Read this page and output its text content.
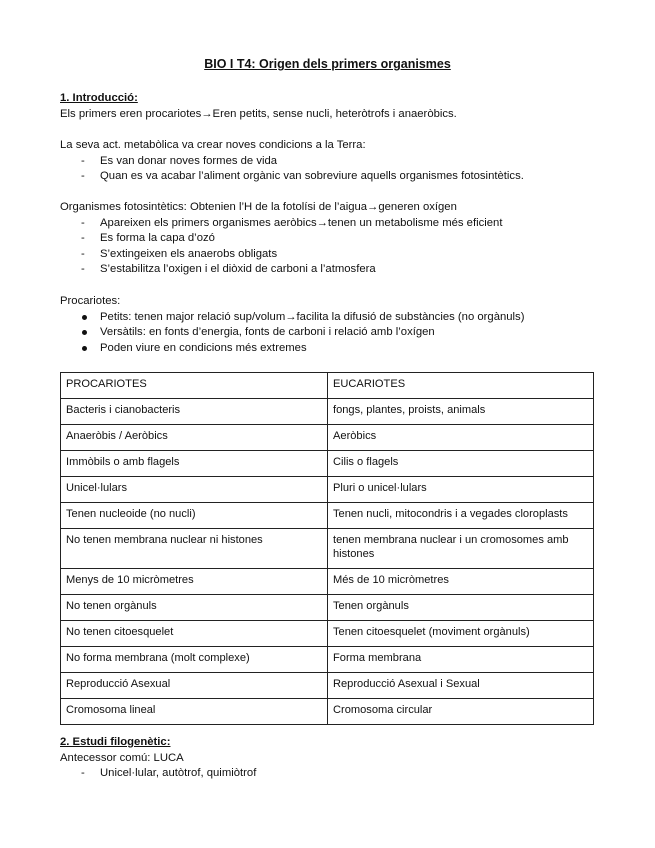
BIO I T4: Origen dels primers organismes
1. Introducció:
Els primers eren procariotes→Eren petits, sense nucli, heteròtrofs i anaeròbics.
La seva act. metabòlica va crear noves condicions a la Terra:
- Es van donar noves formes de vida
- Quan es va acabar l’aliment orgànic van sobreviure aquells organismes fotosintètics.
Organismes fotosintètics: Obtenien l’H de la fotolísi de l’aigua→generen oxígen
- Apareixen els primers organismes aeròbics→tenen un metabolisme més eficient
- Es forma la capa d’ozó
- S’extingeixen els anaerobs obligats
- S’estabilitza l’oxigen i el diòxid de carboni a l’atmosfera
Procariotes:
Petits: tenen major relació sup/volum→facilita la difusió de substàncies (no orgànuls)
Versàtils: en fonts d’energia, fonts de carboni i relació amb l’oxígen
Poden viure en condicions més extremes
PROCARIOTES	EUCARIOTES
Bacteris i cianobacteris	fongs, plantes, proists, animals
Anaeròbis / Aeròbics	Aeròbics
Immòbils o amb flagels	Cilis o flagels
Unicel·lulars	Pluri o unicel·lulars
Tenen nucleoide (no nucli)	Tenen nucli, mitocondris i a vegades cloroplasts
No tenen membrana nuclear ni histones	tenen membrana nuclear i un cromosomes amb histones
Menys de 10 micròmetres	Més de 10 micròmetres
No tenen orgànuls	Tenen orgànuls
No tenen citoesquelet	Tenen citoesquelet (moviment orgànuls)
No forma membrana (molt complexe)	Forma membrana
Reproducció Asexual	Reproducció Asexual i Sexual
Cromosoma lineal	Cromosoma circular
2. Estudi filogenètic:
Antecessor comú: LUCA
- Unicel·lular, autòtrof, quimiòtrof
